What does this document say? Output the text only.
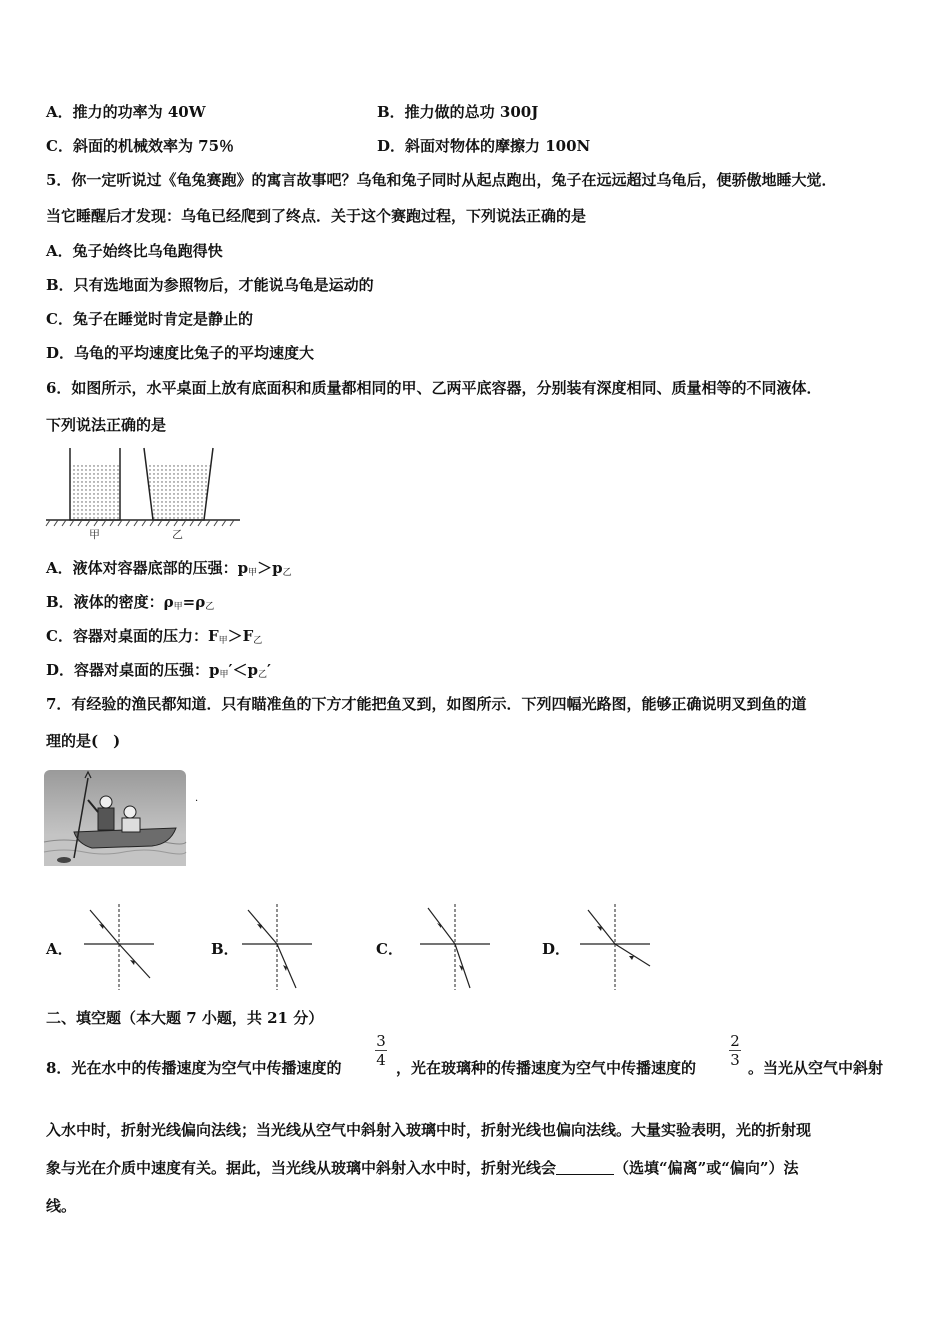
A．推力的功率为 40W	B．推力做的总功 300J
C．斜面的机械效率为 75％	D．斜面对物体的摩擦力 100N
5．你一定听说过《龟兔赛跑》的寓言故事吧？乌龟和兔子同时从起点跑出，兔子在远远超过乌龟后，便骄傲地睡大觉．
当它睡醒后才发现：乌龟已经爬到了终点．关于这个赛跑过程，下列说法正确的是
A．兔子始终比乌龟跑得快
B．只有选地面为参照物后，才能说乌龟是运动的
C．兔子在睡觉时肯定是静止的
D．乌龟的平均速度比兔子的平均速度大
6．如图所示，水平桌面上放有底面积和质量都相同的甲、乙两平底容器，分别装有深度相同、质量相等的不同液体．
下列说法正确的是
甲	乙
A．液体对容器底部的压强：$p_甲>p_乙$
B．液体的密度：$\rho_甲=\rho_乙$
C．容器对桌面的压力：$F_甲>F_乙$
D．容器对桌面的压强：$p_甲'<p_乙'$
7．有经验的渔民都知道．只有瞄准鱼的下方才能把鱼叉到，如图所示．下列四幅光路图，能够正确说明叉到鱼的道
理的是(　)
·
A．	B．	C．	D．
二、填空题（本大题 7 小题，共 21 分）
8．光在水中的传播速度为空气中传播速度的
3
4 ，光在玻璃种的传播速度为空气中传播速度的
2
3 。当光从空气中斜射
入水中时，折射光线偏向法线；当光线从空气中斜射入玻璃中时，折射光线也偏向法线。大量实验表明，光的折射现
象与光在介质中速度有关。据此，当光线从玻璃中斜射入水中时，折射光线会	（选填“偏离”或“偏向”）法
线。
